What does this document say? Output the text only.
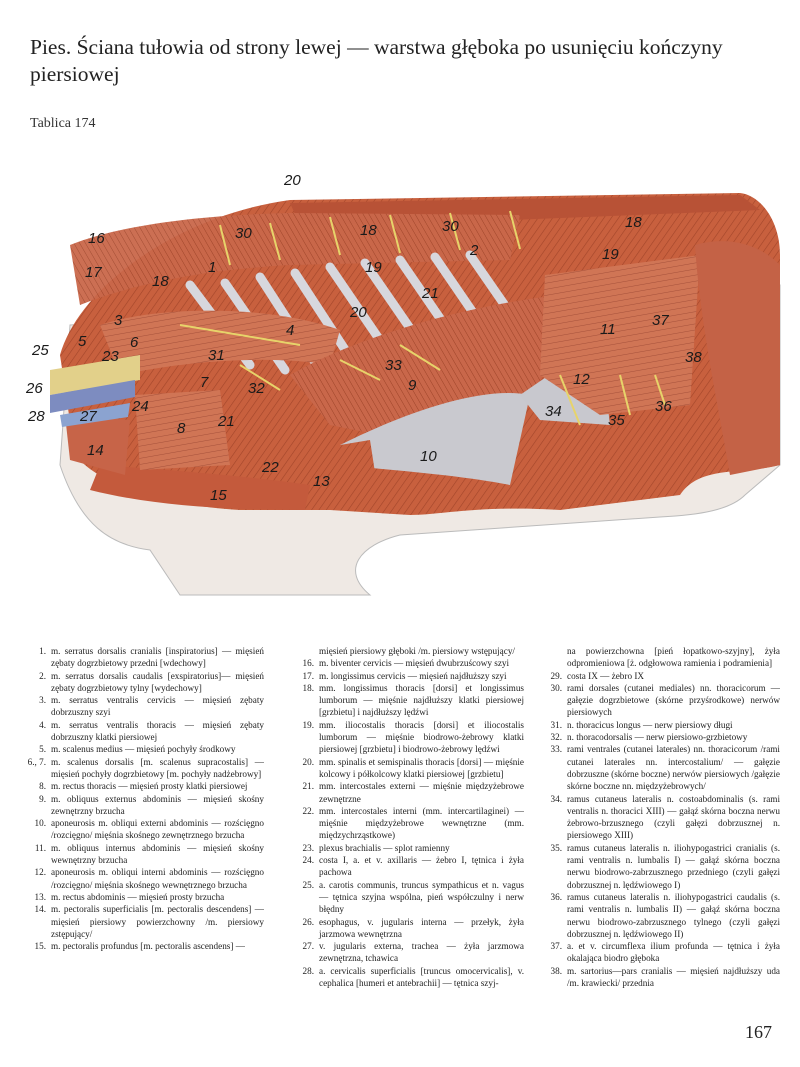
Pies. Ściana tułowia od strony lewej — warstwa głęboka po usunięciu kończyny piersiowej
Tablica 174
20
16	30	18	30
2
18
17	1
18
19
19
21
37
3	20
11
5	6
31
4
33	38
25	23
7	32	9	12
26
28 27
24
21
8
34
35
36
14
22
13
10
15
1. m. serratus dorsalis cranialis [inspiratorius] — mięsień zębaty dogrzbietowy przedni [wdechowy]
2. m. serratus dorsalis caudalis [exspiratorius]— mięsień zębaty dogrzbietowy tylny [wydechowy]
3. m. serratus ventralis cervicis — mięsień zębaty dobrzuszny szyi
4. m. serratus ventralis thoracis — mięsień zębaty dobrzuszny klatki piersiowej
5. m. scalenus medius — mięsień pochyły środkowy
6., 7. m. scalenus dorsalis [m. scalenus supracostalis] — mięsień pochyły dogrzbietowy [m. pochyły nadżebrowy]
8. m. rectus thoracis — mięsień prosty klatki piersiowej
9. m. obliquus externus abdominis — mięsień skośny zewnętrzny brzucha
10. aponeurosis m. obliqui externi abdominis — rozścięgno /rozcięgno/ mięśnia skośnego zewnętrznego brzucha
11. m. obliquus internus abdominis — mięsień skośny wewnętrzny brzucha
12. aponeurosis m. obliqui interni abdominis — rozścięgno /rozcięgno/ mięśnia skośnego wewnętrznego brzucha
13. m. rectus abdominis — mięsień prosty brzucha
14. m. pectoralis superficialis [m. pectoralis descendens] — mięsień piersiowy powierzchowny /m. piersiowy zstępujący/
15. m. pectoralis profundus [m. pectoralis ascendens] —
mięsień piersiowy głęboki /m. piersiowy wstępujący/
16. m. biventer cervicis — mięsień dwubrzuścowy szyi
17. m. longissimus cervicis — mięsień najdłuższy szyi
18. mm. longissimus thoracis [dorsi] et longissimus lumborum — mięśnie najdłuższy klatki piersiowej [grzbietu] i najdłuższy lędźwi
19. mm. iliocostalis thoracis [dorsi] et iliocostalis lumborum — mięśnie biodrowo-żebrowy klatki piersiowej [grzbietu] i biodrowo-żebrowy lędźwi
20. mm. spinalis et semispinalis thoracis [dorsi] — mięśnie kolcowy i półkolcowy klatki piersiowej [grzbietu]
21. mm. intercostales externi — mięśnie międzyżebrowe zewnętrzne
22. mm. intercostales interni (mm. intercartilaginei) — mięśnie międzyżebrowe wewnętrzne (mm. międzychrząstkowe)
23. plexus brachialis — splot ramienny
24. costa I, a. et v. axillaris — żebro I, tętnica i żyła pachowa
25. a. carotis communis, truncus sympathicus et n. vagus — tętnica szyjna wspólna, pień współczulny i nerw błędny
26. esophagus, v. jugularis interna — przełyk, żyła jarzmowa wewnętrzna
27. v. jugularis externa, trachea — żyła jarzmowa zewnętrzna, tchawica
28. a. cervicalis superficialis [truncus omocervicalis], v. cephalica [humeri et antebrachii] — tętnica szyj-
na powierzchowna [pień łopatkowo-szyjny], żyła odpromieniowa [ż. odgłowowa ramienia i podramienia]
29. costa IX — żebro IX
30. rami dorsales (cutanei mediales) nn. thoracicorum — gałęzie dogrzbietowe (skórne przyśrodkowe) nerwów piersiowych
31. n. thoracicus longus — nerw piersiowy długi
32. n. thoracodorsalis — nerw piersiowo-grzbietowy
33. rami ventrales (cutanei laterales) nn. thoracicorum /rami cutanei laterales nn. intercostalium/ — gałęzie dobrzuszne (skórne boczne) nerwów piersiowych /gałęzie skórne boczne nn. międzyżebrowych/
34. ramus cutaneus lateralis n. costoabdominalis (s. rami ventralis n. thoracici XIII) — gałąź skórna boczna nerwu żebrowo-brzusznego (czyli gałęzi dobrzusznej n. piersiowego XIII)
35. ramus cutaneus lateralis n. iliohypogastrici cranialis (s. rami ventralis n. lumbalis I) — gałąź skórna boczna nerwu biodrowo-zabrzusznego przedniego (czyli gałęzi dobrzusznej n. lędźwiowego I)
36. ramus cutaneus lateralis n. iliohypogastrici caudalis (s. rami ventralis n. lumbalis II) — gałąź skórna boczna nerwu biodrowo-zabrzusznego tylnego (czyli gałęzi dobrzusznej n. lędźwiowego II)
37. a. et v. circumflexa ilium profunda — tętnica i żyła okalająca biodro głęboka
38. m. sartorius—pars cranialis — mięsień najdłuższy uda /m. krawiecki/ przednia
167
